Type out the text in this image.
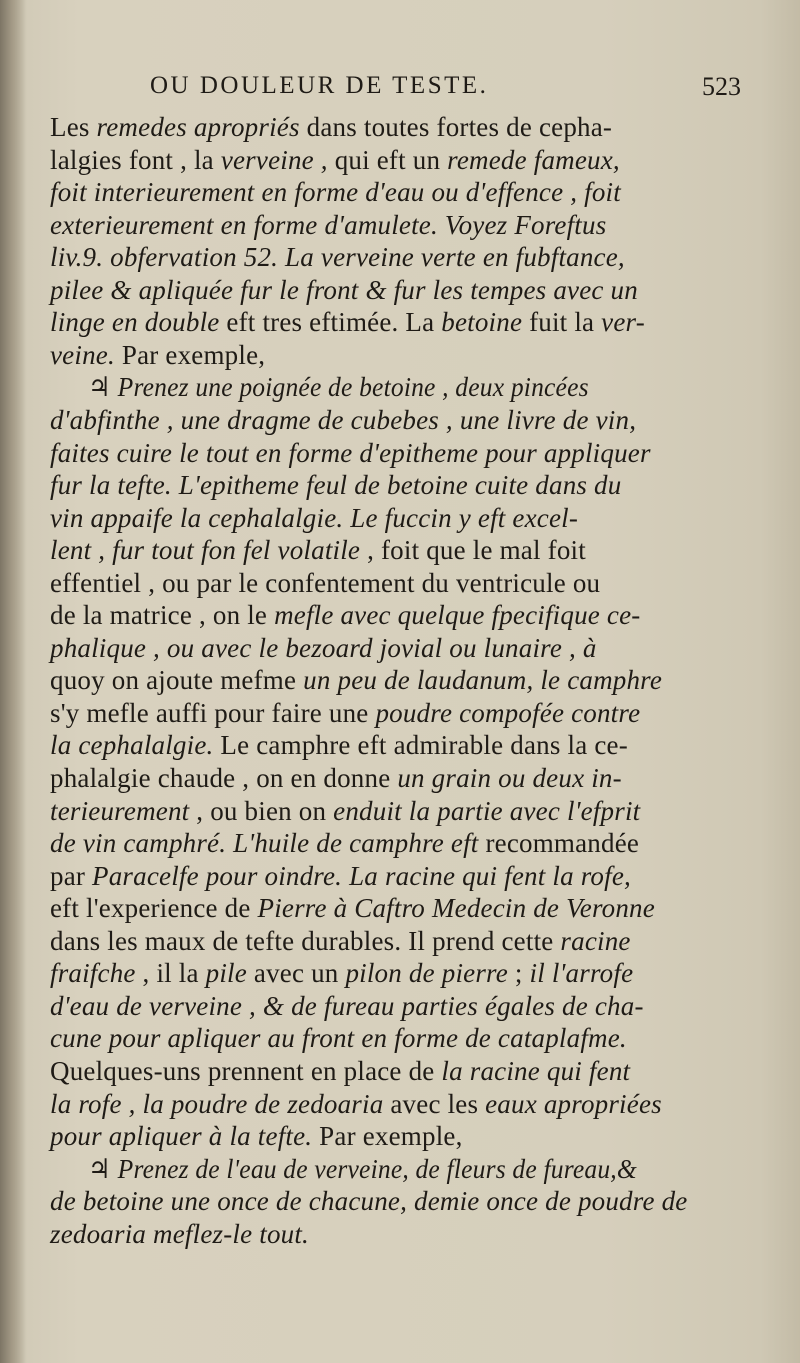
OU DOULEUR DE TESTE.	523
Les remedes apropriés dans toutes fortes de cepha-
lalgies font , la verveine , qui eft un remede fameux,
foit interieurement en forme d'eau ou d'effence , foit
exterieurement en forme d'amulete. Voyez Foreftus
liv.9. obfervation 52. La verveine verte en fubftance,
pilee & apliquée fur le front & fur les tempes avec un
linge en double eft tres eftimée. La betoine fuit la ver-
veine. Par exemple,
♃ Prenez une poignée de betoine , deux pincées
d'abfinthe , une dragme de cubebes , une livre de vin,
faites cuire le tout en forme d'epitheme pour appliquer
fur la tefte. L'epitheme feul de betoine cuite dans du
vin appaife la cephalalgie. Le fuccin y eft excel-
lent , fur tout fon fel volatile , foit que le mal foit
effentiel , ou par le confentement du ventricule ou
de la matrice , on le mefle avec quelque fpecifique ce-
phalique , ou avec le bezoard jovial ou lunaire , à
quoy on ajoute mefme un peu de laudanum, le camphre
s'y mefle auffi pour faire une poudre compofée contre
la cephalalgie. Le camphre eft admirable dans la ce-
phalalgie chaude , on en donne un grain ou deux in-
terieurement , ou bien on enduit la partie avec l'efprit
de vin camphré. L'huile de camphre eft recommandée
par Paracelfe pour oindre. La racine qui fent la rofe,
eft l'experience de Pierre à Caftro Medecin de Veronne
dans les maux de tefte durables. Il prend cette racine
fraifche , il la pile avec un pilon de pierre ; il l'arrofe
d'eau de verveine , & de fureau parties égales de cha-
cune pour apliquer au front en forme de cataplafme.
Quelques-uns prennent en place de la racine qui fent
la rofe , la poudre de zedoaria avec les eaux apropriées
pour apliquer à la tefte. Par exemple,
♃ Prenez de l'eau de verveine, de fleurs de fureau,&
de betoine une once de chacune, demie once de poudre de
zedoaria meflez-le tout.
